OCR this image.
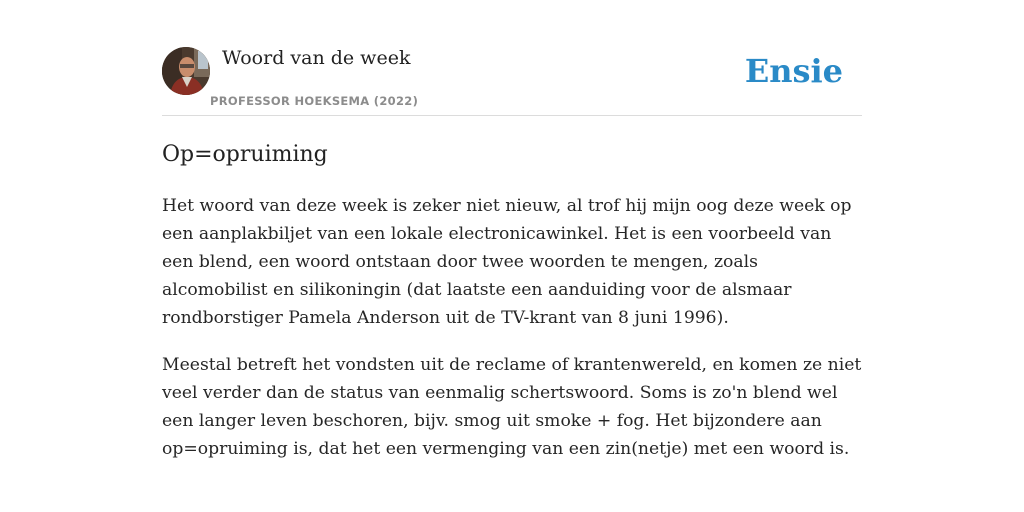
Woord van de week
PROFESSOR HOEKSEMA (2022)
Ensie
Op=opruiming

Het woord van deze week is zeker niet nieuw, al trof hij mijn oog deze week op een aanplakbiljet van een lokale electronicawinkel. Het is een voorbeeld van een blend, een woord ontstaan door twee woorden te mengen, zoals alcomobilist en silikoningin (dat laatste een aanduiding voor de alsmaar rondborstiger Pamela Anderson uit de TV-krant van 8 juni 1996).

Meestal betreft het vondsten uit de reclame of krantenwereld, en komen ze niet veel verder dan de status van eenmalig schertswoord. Soms is zo'n blend wel een langer leven beschoren, bijv. smog uit smoke + fog. Het bijzondere aan op=opruiming is, dat het een vermenging van een zin(netje) met een woord is.
